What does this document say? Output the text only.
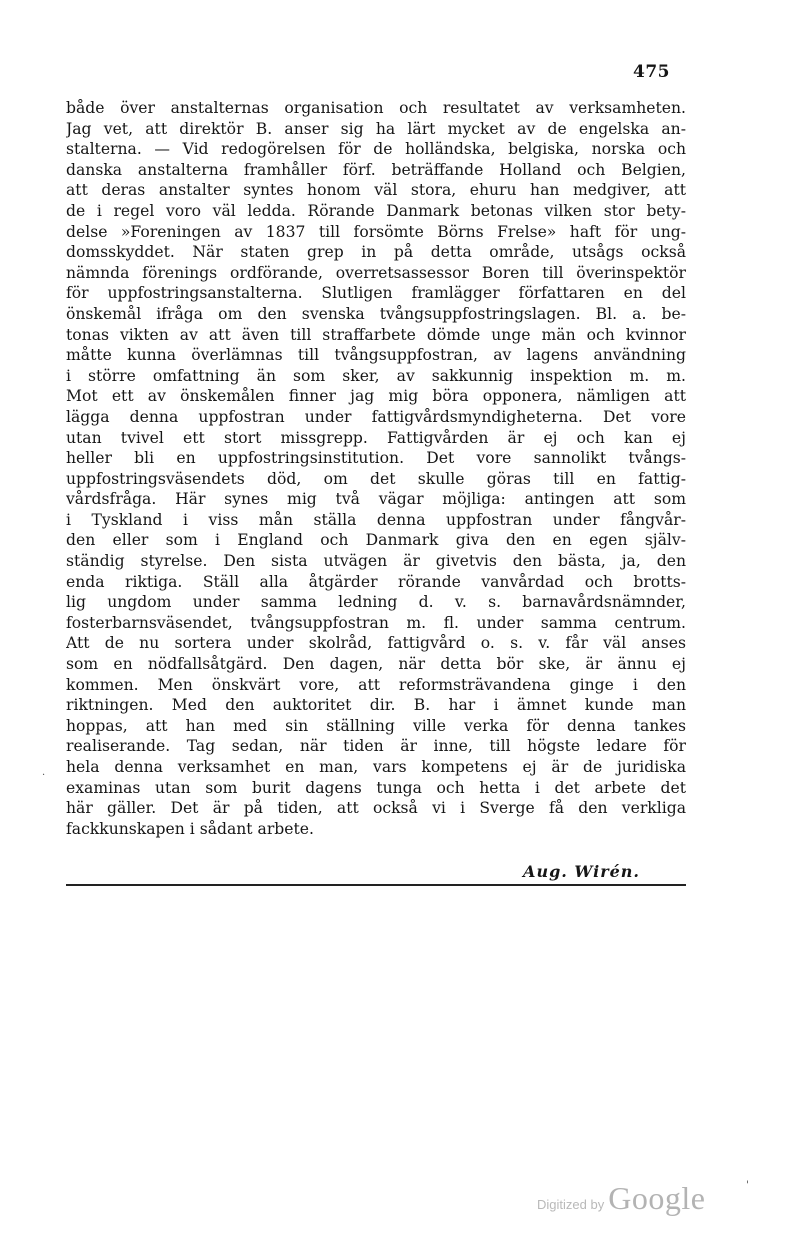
475
både över anstalternas organisation och resultatet av verksamheten.
Jag vet, att direktör B. anser sig ha lärt mycket av de engelska an-
stalterna. — Vid redogörelsen för de holländska, belgiska, norska och
danska anstalterna framhåller förf. beträffande Holland och Belgien,
att deras anstalter syntes honom väl stora, ehuru han medgiver, att
de i regel voro väl ledda. Rörande Danmark betonas vilken stor bety-
delse »Foreningen av 1837 till forsömte Börns Frelse» haft för ung-
domsskyddet. När staten grep in på detta område, utsågs också
nämnda förenings ordförande, overretsassessor Boren till överinspektör
för uppfostringsanstalterna. Slutligen framlägger författaren en del
önskemål ifråga om den svenska tvångsuppfostringslagen. Bl. a. be-
tonas vikten av att även till straffarbete dömde unge män och kvinnor
måtte kunna överlämnas till tvångsuppfostran, av lagens användning
i större omfattning än som sker, av sakkunnig inspektion m. m.
Mot ett av önskemålen finner jag mig böra opponera, nämligen att
lägga denna uppfostran under fattigvårdsmyndigheterna. Det vore
utan tvivel ett stort missgrepp. Fattigvården är ej och kan ej
heller bli en uppfostringsinstitution. Det vore sannolikt tvångs-
uppfostringsväsendets död, om det skulle göras till en fattig-
vårdsfråga. Här synes mig två vägar möjliga: antingen att som
i Tyskland i viss mån ställa denna uppfostran under fångvår-
den eller som i England och Danmark giva den en egen själv-
ständig styrelse. Den sista utvägen är givetvis den bästa, ja, den
enda riktiga. Ställ alla åtgärder rörande vanvårdad och brotts-
lig ungdom under samma ledning d. v. s. barnavårdsnämnder,
fosterbarnsväsendet, tvångsuppfostran m. fl. under samma centrum.
Att de nu sortera under skolråd, fattigvård o. s. v. får väl anses
som en nödfallsåtgärd. Den dagen, när detta bör ske, är ännu ej
kommen. Men önskvärt vore, att reformsträvandena ginge i den
riktningen. Med den auktoritet dir. B. har i ämnet kunde man
hoppas, att han med sin ställning ville verka för denna tankes
realiserande. Tag sedan, när tiden är inne, till högste ledare för
hela denna verksamhet en man, vars kompetens ej är de juridiska
examinas utan som burit dagens tunga och hetta i det arbete det
här gäller. Det är på tiden, att också vi i Sverge få den verkliga
fackkunskapen i sådant arbete.
Aug. Wirén.
·
Digitized by Google	'
